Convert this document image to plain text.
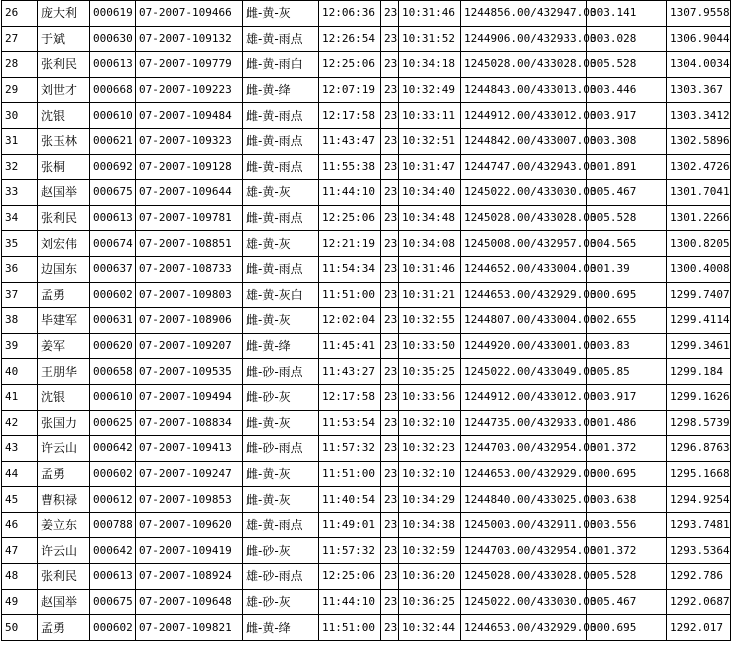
26	庞大利	000619	07-2007-109466	雌-黄-灰	12:06:36	23	10:31:46	1244856.00/432947.00	303.141	1307.9558
27	于斌	000630	07-2007-109132	雄-黄-雨点	12:26:54	23	10:31:52	1244906.00/432933.00	303.028	1306.9044
28	张利民	000613	07-2007-109779	雌-黄-雨白	12:25:06	23	10:34:18	1245028.00/433028.00	305.528	1304.0034
29	刘世才	000668	07-2007-109223	雌-黄-绛	12:07:19	23	10:32:49	1244843.00/433013.00	303.446	1303.367
30	沈银	000610	07-2007-109484	雌-黄-雨点	12:17:58	23	10:33:11	1244912.00/433012.00	303.917	1303.3412
31	张玉林	000621	07-2007-109323	雌-黄-雨点	11:43:47	23	10:32:51	1244842.00/433007.00	303.308	1302.5896
32	张桐	000692	07-2007-109128	雌-黄-雨点	11:55:38	23	10:31:47	1244747.00/432943.00	301.891	1302.4726
33	赵国举	000675	07-2007-109644	雄-黄-灰	11:44:10	23	10:34:40	1245022.00/433030.00	305.467	1301.7041
34	张利民	000613	07-2007-109781	雌-黄-雨点	12:25:06	23	10:34:48	1245028.00/433028.00	305.528	1301.2266
35	刘宏伟	000674	07-2007-108851	雄-黄-灰	12:21:19	23	10:34:08	1245008.00/432957.00	304.565	1300.8205
36	边国东	000637	07-2007-108733	雌-黄-雨点	11:54:34	23	10:31:46	1244652.00/433004.00	301.39	1300.4008
37	孟勇	000602	07-2007-109803	雄-黄-灰白	11:51:00	23	10:31:21	1244653.00/432929.00	300.695	1299.7407
38	毕建军	000631	07-2007-108906	雌-黄-灰	12:02:04	23	10:32:55	1244807.00/433004.00	302.655	1299.4114
39	姜军	000620	07-2007-109207	雌-黄-绛	11:45:41	23	10:33:50	1244920.00/433001.00	303.83	1299.3461
40	王朋华	000658	07-2007-109535	雌-砂-雨点	11:43:27	23	10:35:25	1245022.00/433049.00	305.85	1299.184
41	沈银	000610	07-2007-109494	雌-砂-灰	12:17:58	23	10:33:56	1244912.00/433012.00	303.917	1299.1626
42	张国力	000625	07-2007-108834	雌-黄-灰	11:53:54	23	10:32:10	1244735.00/432933.00	301.486	1298.5739
43	许云山	000642	07-2007-109413	雌-砂-雨点	11:57:32	23	10:32:23	1244703.00/432954.00	301.372	1296.8763
44	孟勇	000602	07-2007-109247	雌-黄-灰	11:51:00	23	10:32:10	1244653.00/432929.00	300.695	1295.1668
45	曹积禄	000612	07-2007-109853	雌-黄-灰	11:40:54	23	10:34:29	1244840.00/433025.00	303.638	1294.9254
46	姜立东	000788	07-2007-109620	雄-黄-雨点	11:49:01	23	10:34:38	1245003.00/432911.00	303.556	1293.7481
47	许云山	000642	07-2007-109419	雌-砂-灰	11:57:32	23	10:32:59	1244703.00/432954.00	301.372	1293.5364
48	张利民	000613	07-2007-108924	雄-砂-雨点	12:25:06	23	10:36:20	1245028.00/433028.00	305.528	1292.786
49	赵国举	000675	07-2007-109648	雄-砂-灰	11:44:10	23	10:36:25	1245022.00/433030.00	305.467	1292.0687
50	孟勇	000602	07-2007-109821	雌-黄-绛	11:51:00	23	10:32:44	1244653.00/432929.00	300.695	1292.017
